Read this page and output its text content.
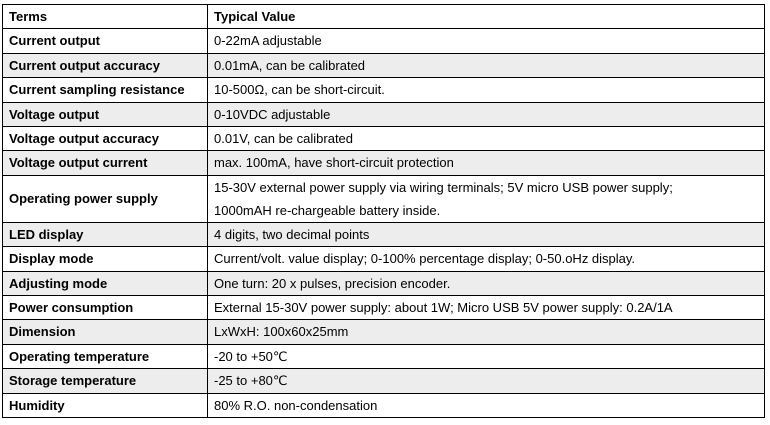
Terms	Typical Value
Current output	0-22mA adjustable

Current output accuracy	0.01mA, can be calibrated

Current sampling resistance	10-500Ω, can be short-circuit.

Voltage output	0-10VDC adjustable

Voltage output accuracy	0.01V, can be calibrated

Voltage output current	max. 100mA, have short-circuit protection

Operating power supply	15-30V external power supply via wiring terminals; 5V micro USB power supply;
1000mAH re-chargeable battery inside.

LED display	4 digits, two decimal points

Display mode	Current/volt. value display; 0-100% percentage display; 0-50.oHz display.

Adjusting mode	One turn: 20 x pulses, precision encoder.

Power consumption	External 15-30V power supply: about 1W; Micro USB 5V power supply: 0.2A/1A

Dimension	LxWxH: 100x60x25mm

Operating temperature	-20 to +50℃

Storage temperature	-25 to +80℃

Humidity	80% R.O. non-condensation
